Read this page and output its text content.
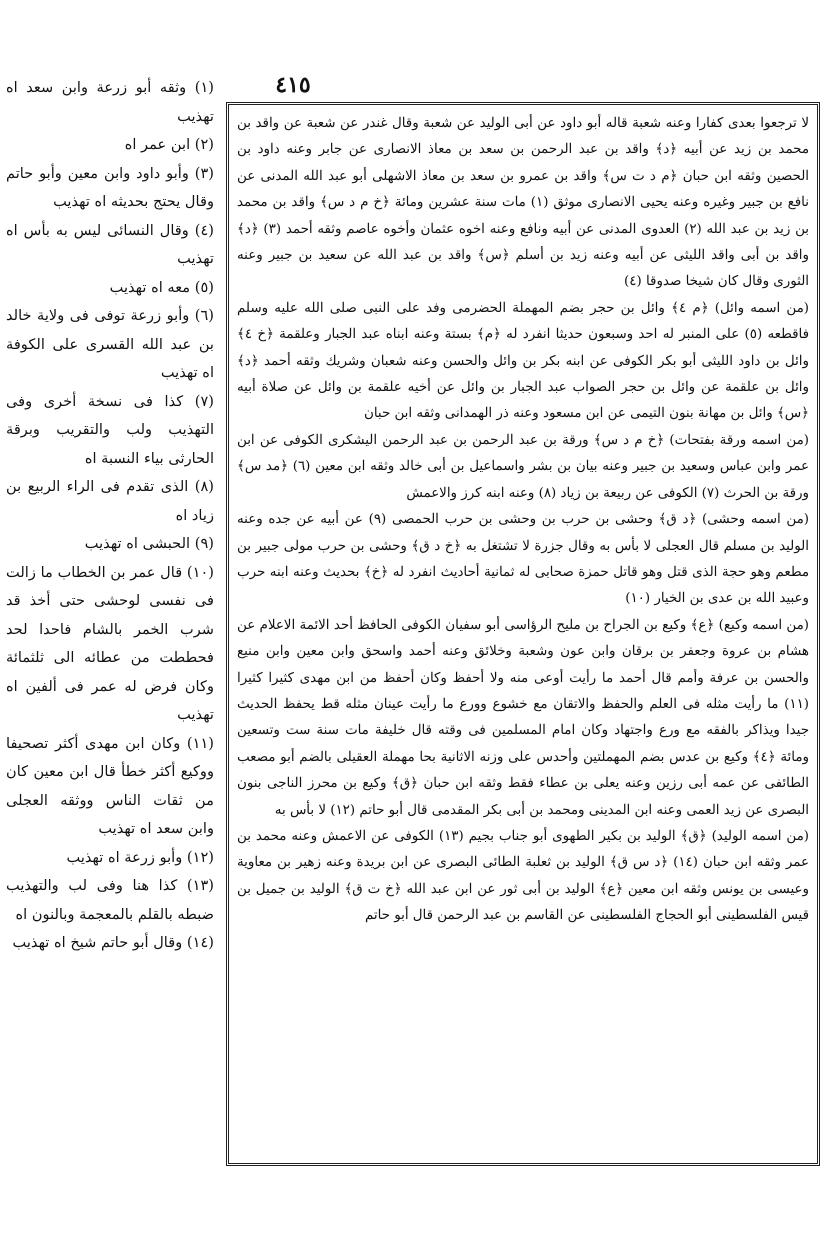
٤١٥

لا ترجعوا بعدى كفارا وعنه شعبة قاله أبو داود عن أبى الوليد عن شعبة وقال غندر عن شعبة عن واقد بن محمد بن زيد عن أبيه ﴿د﴾ واقد بن عبد الرحمن بن سعد بن معاذ الانصارى عن جابر وعنه داود بن الحصين وثقه ابن حبان ﴿م د ت س﴾ واقد بن عمرو بن سعد بن معاذ الاشهلى أبو عبد الله المدنى عن نافع بن جبير وغيره وعنه يحيى الانصارى موثق (١) مات سنة عشرين ومائة ﴿خ م د س﴾ واقد بن محمد بن زيد بن عبد الله (٢) العدوى المدنى عن أبيه ونافع وعنه اخوه عثمان وأخوه عاصم وثقه أحمد (٣) ﴿د﴾ واقد بن أبى واقد الليثى عن أبيه وعنه زيد بن أسلم ﴿س﴾ واقد بن عبد الله عن سعيد بن جبير وعنه الثورى وقال كان شيخا صدوقا (٤)

(من اسمه وائل) ﴿م ٤﴾ وائل بن حجر بضم المهملة الحضرمى وفد على النبى صلى الله عليه وسلم فاقطعه (٥) على المنبر له احد وسبعون حديثا انفرد له ﴿م﴾ بستة وعنه ابناه عبد الجبار وعلقمة ﴿خ ٤﴾ وائل بن داود الليثى أبو بكر الكوفى عن ابنه بكر بن وائل والحسن وعنه شعبان وشريك وثقه أحمد ﴿د﴾ وائل بن علقمة عن وائل بن حجر الصواب عبد الجبار بن وائل عن أخيه علقمة بن وائل عن صلاة أبيه ﴿س﴾ وائل بن مهانة بنون التيمى عن ابن مسعود وعنه ذر الهمدانى وثقه ابن حبان

(من اسمه ورقة بفتحات) ﴿خ م د س﴾ ورقة بن عبد الرحمن بن عبد الرحمن اليشكرى الكوفى عن ابن عمر وابن عباس وسعيد بن جبير وعنه بيان بن بشر واسماعيل بن أبى خالد وثقه ابن معين (٦) ﴿مد س﴾ ورقة بن الحرث (٧) الكوفى عن ربيعة بن زياد (٨) وعنه ابنه كرز والاعمش

(من اسمه وحشى) ﴿د ق﴾ وحشى بن حرب بن وحشى بن حرب الحمصى (٩) عن أبيه عن جده وعنه الوليد بن مسلم قال العجلى لا بأس به وقال جزرة لا تشتغل به ﴿خ د ق﴾ وحشى بن حرب مولى جبير بن مطعم وهو حجة الذى قتل وهو قاتل حمزة صحابى له ثمانية أحاديث انفرد له ﴿خ﴾ بحديث وعنه ابنه حرب وعبيد الله بن عدى بن الخيار (١٠)

(من اسمه وكيع) ﴿ع﴾ وكيع بن الجراح بن مليح الرؤاسى أبو سفيان الكوفى الحافظ أحد الائمة الاعلام عن هشام بن عروة وجعفر بن برقان وابن عون وشعبة وخلائق وعنه أحمد واسحق وابن معين وابن منيع والحسن بن عرفة وأمم قال أحمد ما رأيت أوعى منه ولا أحفظ وكان أحفظ من ابن مهدى كثيرا كثيرا (١١) ما رأيت مثله فى العلم والحفظ والاتقان مع خشوع وورع ما رأيت عينان مثله قط يحفظ الحديث جيدا ويذاكر بالفقه مع ورع واجتهاد وكان امام المسلمين فى وقته قال خليفة مات سنة ست وتسعين ومائة ﴿٤﴾ وكيع بن عدس بضم المهملتين وأحدس على وزنه الاثانية بحا مهملة العقيلى بالضم أبو مصعب الطائفى عن عمه أبى رزين وعنه يعلى بن عطاء فقط وثقه ابن حبان ﴿ق﴾ وكيع بن محرز الناجى بنون البصرى عن زيد العمى وعنه ابن المدينى ومحمد بن أبى بكر المقدمى قال أبو حاتم (١٢) لا بأس به

(من اسمه الوليد) ﴿ق﴾ الوليد بن بكير الطهوى أبو جناب بجيم (١٣) الكوفى عن الاعمش وعنه محمد بن عمر وثقه ابن حبان (١٤) ﴿د س ق﴾ الوليد بن ثعلبة الطائى البصرى عن ابن بريدة وعنه زهير بن معاوية وعيسى بن يونس وثقه ابن معين ﴿ع﴾ الوليد بن أبى ثور عن ابن عبد الله ﴿خ ت ق﴾ الوليد بن جميل بن قيس الفلسطينى أبو الحجاج الفلسطينى عن القاسم بن عبد الرحمن قال أبو حاتم

(١) وثقه أبو زرعة وابن سعد اه تهذيب

(٢) ابن عمر اه

(٣) وأبو داود وابن معين وأبو حاتم وقال يحتج بحديثه اه تهذيب

(٤) وقال النسائى ليس به بأس اه تهذيب

(٥) معه اه تهذيب

(٦) وأبو زرعة توفى فى ولاية خالد بن عبد الله القسرى على الكوفة اه تهذيب

(٧) كذا فى نسخة أخرى وفى التهذيب ولب والتقريب وبرقة الحارثى بياء النسبة اه

(٨) الذى تقدم فى الراء الربيع بن زياد اه

(٩) الحبشى اه تهذيب

(١٠) قال عمر بن الخطاب ما زالت فى نفسى لوحشى حتى أخذ قد شرب الخمر بالشام فاحدا لحد فحططت من عطائه الى ثلثمائة وكان فرض له عمر فى ألفين اه تهذيب

(١١) وكان ابن مهدى أكثر تصحيفا ووكيع أكثر خطأ قال ابن معين كان من ثقات الناس ووثقه العجلى وابن سعد اه تهذيب

(١٢) وأبو زرعة اه تهذيب

(١٣) كذا هنا وفى لب والتهذيب ضبطه بالقلم بالمعجمة وبالنون اه

(١٤) وقال أبو حاتم شيخ اه تهذيب
